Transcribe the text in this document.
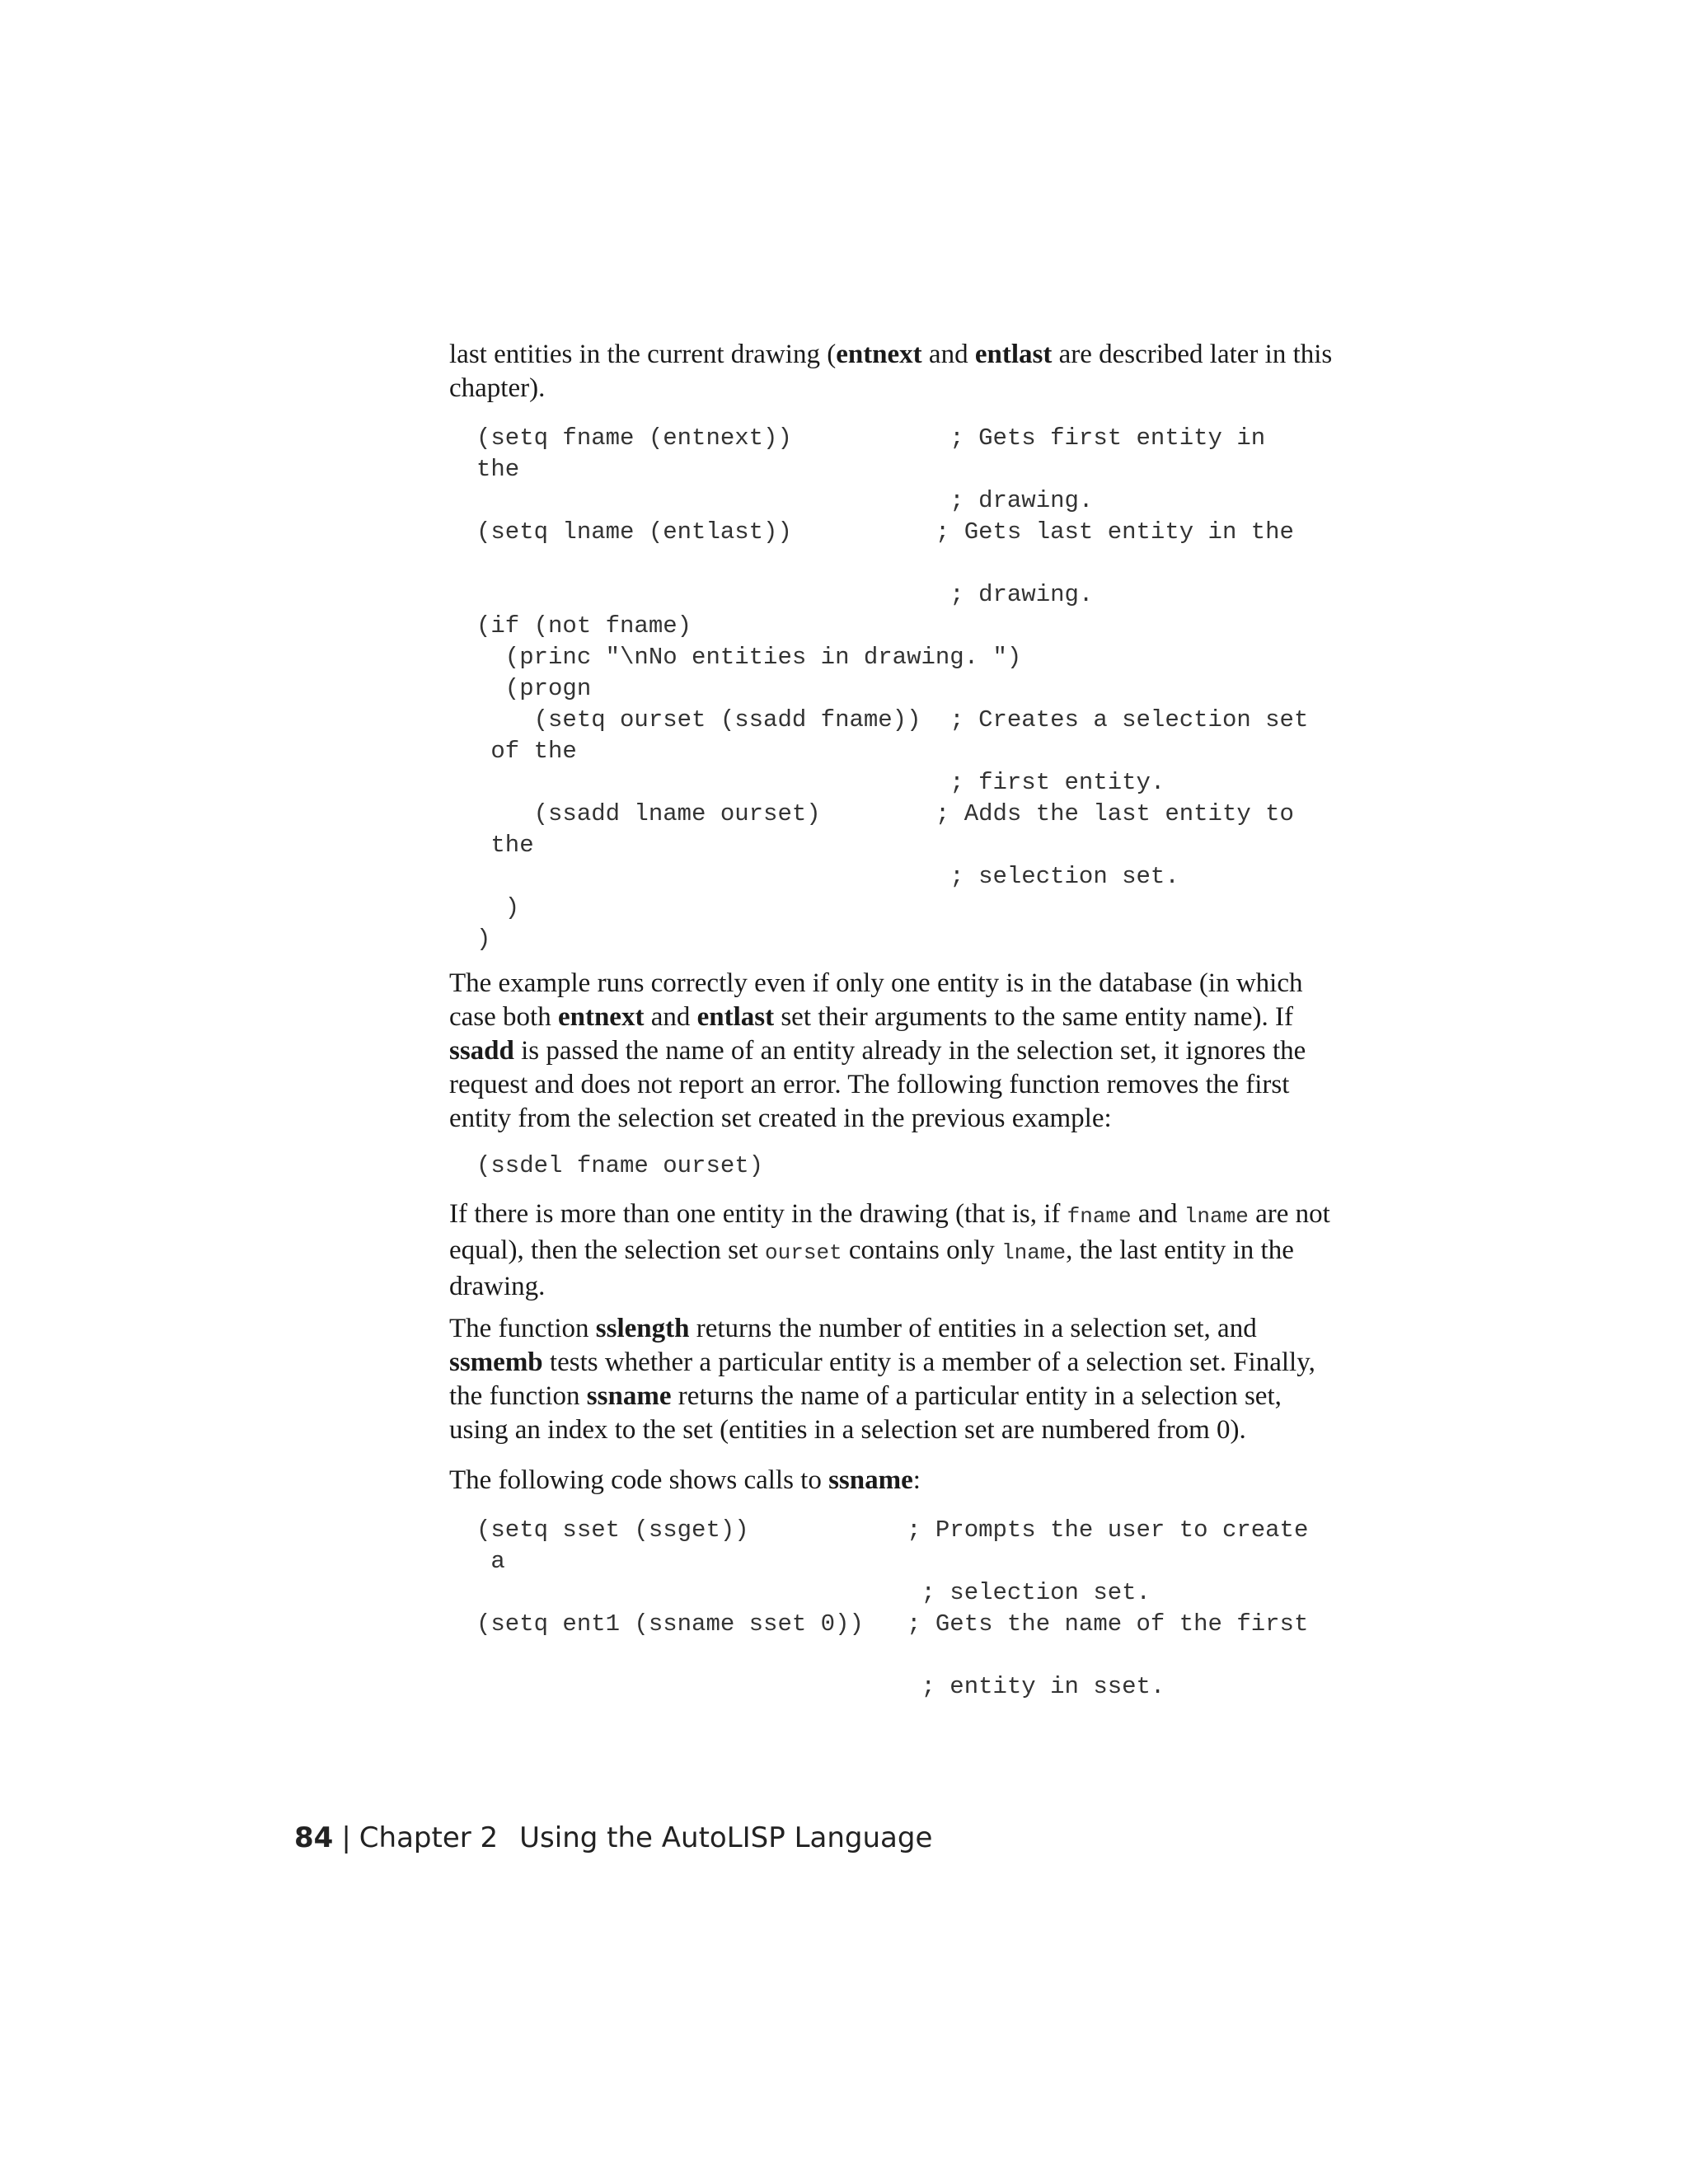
last entities in the current drawing (entnext and entlast are described later in this chapter).

(setq fname (entnext))           ; Gets first entity in
the
; drawing.
(setq lname (entlast))          ; Gets last entity in the

; drawing.
(if (not fname)
(princ "\nNo entities in drawing. ")
(progn
(setq ourset (ssadd fname))  ; Creates a selection set
of the
; first entity.
(ssadd lname ourset)        ; Adds the last entity to
the
; selection set.
)
)

The example runs correctly even if only one entity is in the database (in which case both entnext and entlast set their arguments to the same entity name). If ssadd is passed the name of an entity already in the selection set, it ignores the request and does not report an error. The following function removes the first entity from the selection set created in the previous example:

(ssdel fname ourset)

If there is more than one entity in the drawing (that is, if fname and lname are not equal), then the selection set ourset contains only lname, the last entity in the drawing.

The function sslength returns the number of entities in a selection set, and ssmemb tests whether a particular entity is a member of a selection set. Finally, the function ssname returns the name of a particular entity in a selection set, using an index to the set (entities in a selection set are numbered from 0).

The following code shows calls to ssname:

(setq sset (ssget))           ; Prompts the user to create
a
; selection set.
(setq ent1 (ssname sset 0))   ; Gets the name of the first

; entity in sset.
84 | Chapter 2 Using the AutoLISP Language
